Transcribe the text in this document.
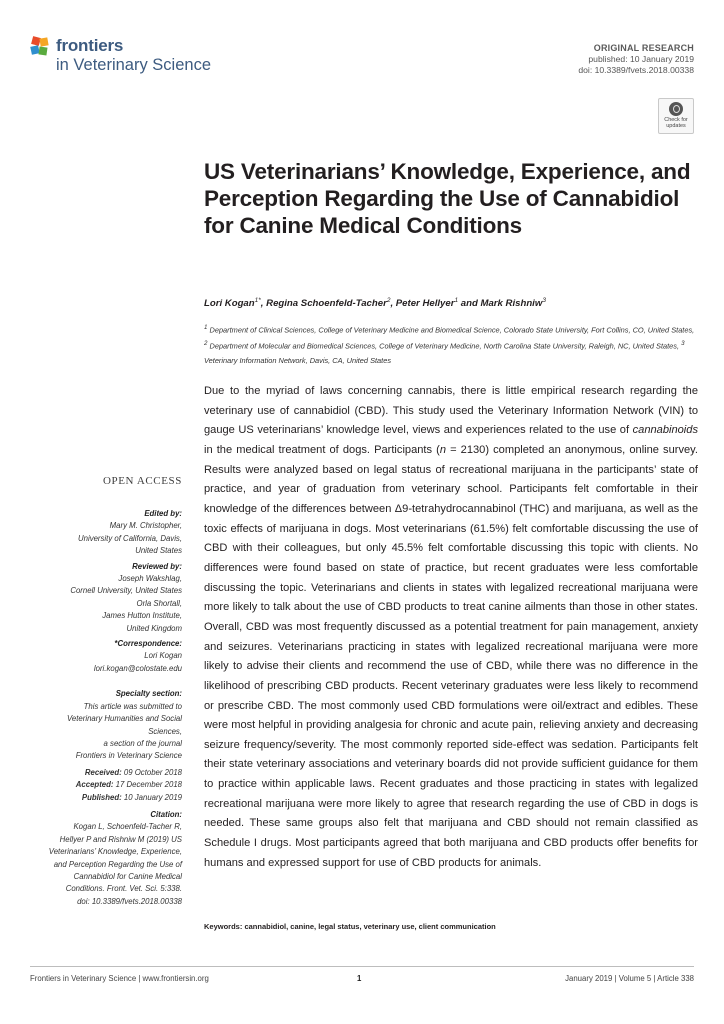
frontiers
in Veterinary Science
ORIGINAL RESEARCH
published: 10 January 2019
doi: 10.3389/fvets.2018.00338
Check for updates
US Veterinarians’ Knowledge, Experience, and Perception Regarding the Use of Cannabidiol for Canine Medical Conditions
Lori Kogan$^{1*}$, Regina Schoenfeld-Tacher$^2$, Peter Hellyer$^1$ and Mark Rishniw$^3$
$^1$ Department of Clinical Sciences, College of Veterinary Medicine and Biomedical Science, Colorado State University, Fort Collins, CO, United States, $^2$ Department of Molecular and Biomedical Sciences, College of Veterinary Medicine, North Carolina State University, Raleigh, NC, United States, $^3$ Veterinary Information Network, Davis, CA, United States

Due to the myriad of laws concerning cannabis, there is little empirical research regarding the veterinary use of cannabidiol (CBD). This study used the Veterinary Information Network (VIN) to gauge US veterinarians’ knowledge level, views and experiences related to the use of cannabinoids in the medical treatment of dogs. Participants (n = 2130) completed an anonymous, online survey. Results were analyzed based on legal status of recreational marijuana in the participants’ state of practice, and year of graduation from veterinary school. Participants felt comfortable in their knowledge of the differences between Δ9-tetrahydrocannabinol (THC) and marijuana, as well as the toxic effects of marijuana in dogs. Most veterinarians (61.5%) felt comfortable discussing the use of CBD with their colleagues, but only 45.5% felt comfortable discussing this topic with clients. No differences were found based on state of practice, but recent graduates were less comfortable discussing the topic. Veterinarians and clients in states with legalized recreational marijuana were more likely to talk about the use of CBD products to treat canine ailments than those in other states. Overall, CBD was most frequently discussed as a potential treatment for pain management, anxiety and seizures. Veterinarians practicing in states with legalized recreational marijuana were more likely to advise their clients and recommend the use of CBD, while there was no difference in the likelihood of prescribing CBD products. Recent veterinary graduates were less likely to recommend or prescribe CBD. The most commonly used CBD formulations were oil/extract and edibles. These were most helpful in providing analgesia for chronic and acute pain, relieving anxiety and decreasing seizure frequency/severity. The most commonly reported side-effect was sedation. Participants felt their state veterinary associations and veterinary boards did not provide sufficient guidance for them to practice within applicable laws. Recent graduates and those practicing in states with legalized recreational marijuana were more likely to agree that research regarding the use of CBD in dogs is needed. These same groups also felt that marijuana and CBD should not remain classified as Schedule I drugs. Most participants agreed that both marijuana and CBD products offer benefits for humans and expressed support for use of CBD products for animals.

Keywords: cannabidiol, canine, legal status, veterinary use, client communication
OPEN ACCESS
Edited by:
Mary M. Christopher,
University of California, Davis,
United States
Reviewed by:
Joseph Wakshlag,
Cornell University, United States
Orla Shortall,
James Hutton Institute,
United Kingdom
*Correspondence:
Lori Kogan
lori.kogan@colostate.edu
Specialty section:
This article was submitted to
Veterinary Humanities and Social
Sciences,
a section of the journal
Frontiers in Veterinary Science
Received: 09 October 2018
Accepted: 17 December 2018
Published: 10 January 2019
Citation:
Kogan L, Schoenfeld-Tacher R,
Hellyer P and Rishniw M (2019) US
Veterinarians’ Knowledge, Experience,
and Perception Regarding the Use of
Cannabidiol for Canine Medical
Conditions. Front. Vet. Sci. 5:338.
doi: 10.3389/fvets.2018.00338
Frontiers in Veterinary Science | www.frontiersin.org	1	January 2019 | Volume 5 | Article 338
